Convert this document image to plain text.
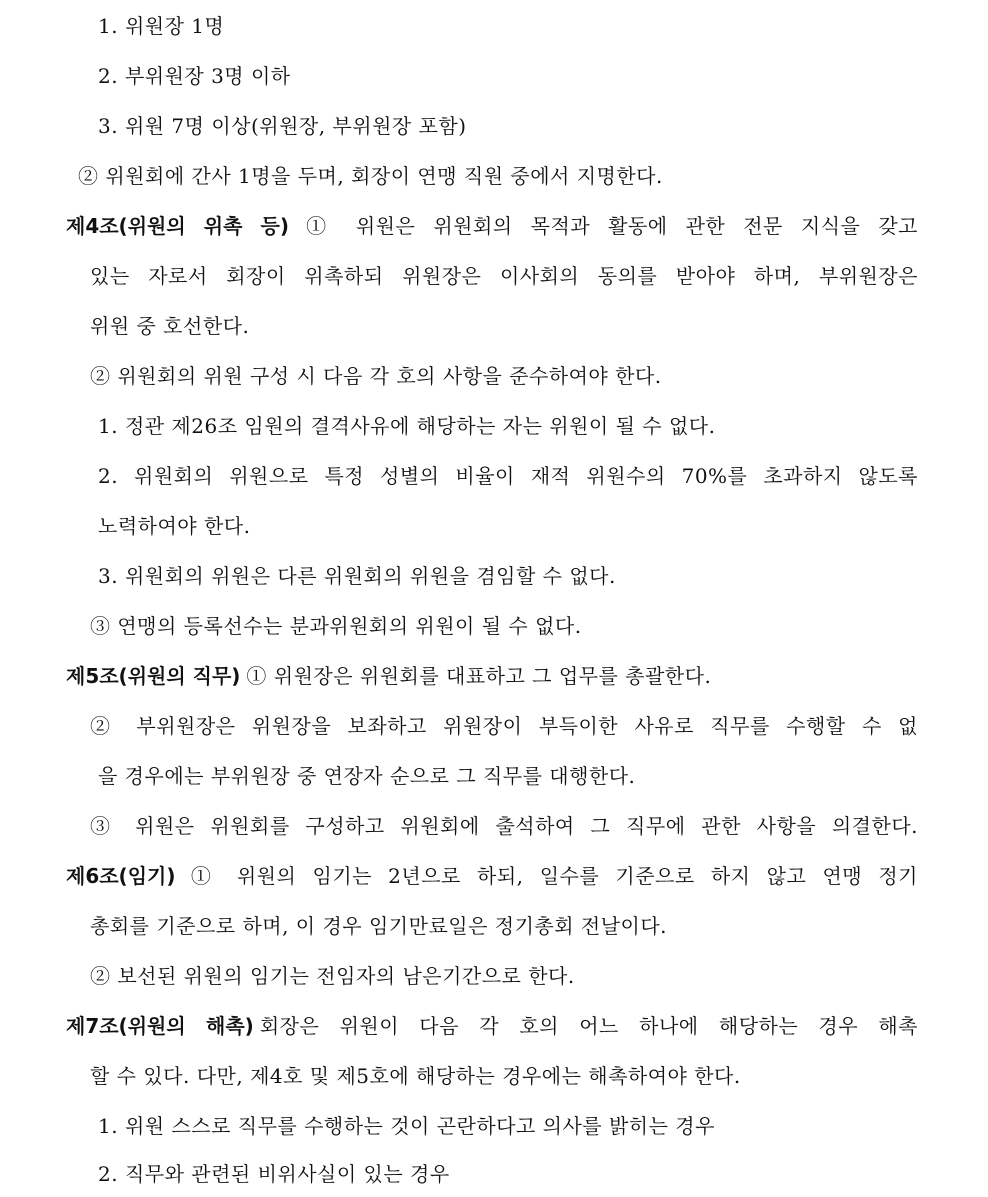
1. 위원장 1명
2. 부위원장 3명 이하
3. 위원 7명 이상(위원장, 부위원장 포함)
② 위원회에 간사 1명을 두며, 회장이 연맹 직원 중에서 지명한다.
제4조(위원의 위촉 등) ① 위원은 위원회의 목적과 활동에 관한 전문 지식을 갖고
있는 자로서 회장이 위촉하되 위원장은 이사회의 동의를 받아야 하며, 부위원장은
위원 중 호선한다.
② 위원회의 위원 구성 시 다음 각 호의 사항을 준수하여야 한다.
1. 정관 제26조 임원의 결격사유에 해당하는 자는 위원이 될 수 없다.
2. 위원회의 위원으로 특정 성별의 비율이 재적 위원수의 70%를 초과하지 않도록
노력하여야 한다.
3. 위원회의 위원은 다른 위원회의 위원을 겸임할 수 없다.
③ 연맹의 등록선수는 분과위원회의 위원이 될 수 없다.
제5조(위원의 직무) ① 위원장은 위원회를 대표하고 그 업무를 총괄한다.
② 부위원장은 위원장을 보좌하고 위원장이 부득이한 사유로 직무를 수행할 수 없
을 경우에는 부위원장 중 연장자 순으로 그 직무를 대행한다.
③ 위원은 위원회를 구성하고 위원회에 출석하여 그 직무에 관한 사항을 의결한다.
제6조(임기) ① 위원의 임기는 2년으로 하되, 일수를 기준으로 하지 않고 연맹 정기
총회를 기준으로 하며, 이 경우 임기만료일은 정기총회 전날이다.
② 보선된 위원의 임기는 전임자의 남은기간으로 한다.
제7조(위원의 해촉) 회장은 위원이 다음 각 호의 어느 하나에 해당하는 경우 해촉
할 수 있다. 다만, 제4호 및 제5호에 해당하는 경우에는 해촉하여야 한다.
1. 위원 스스로 직무를 수행하는 것이 곤란하다고 의사를 밝히는 경우
2. 직무와 관련된 비위사실이 있는 경우
